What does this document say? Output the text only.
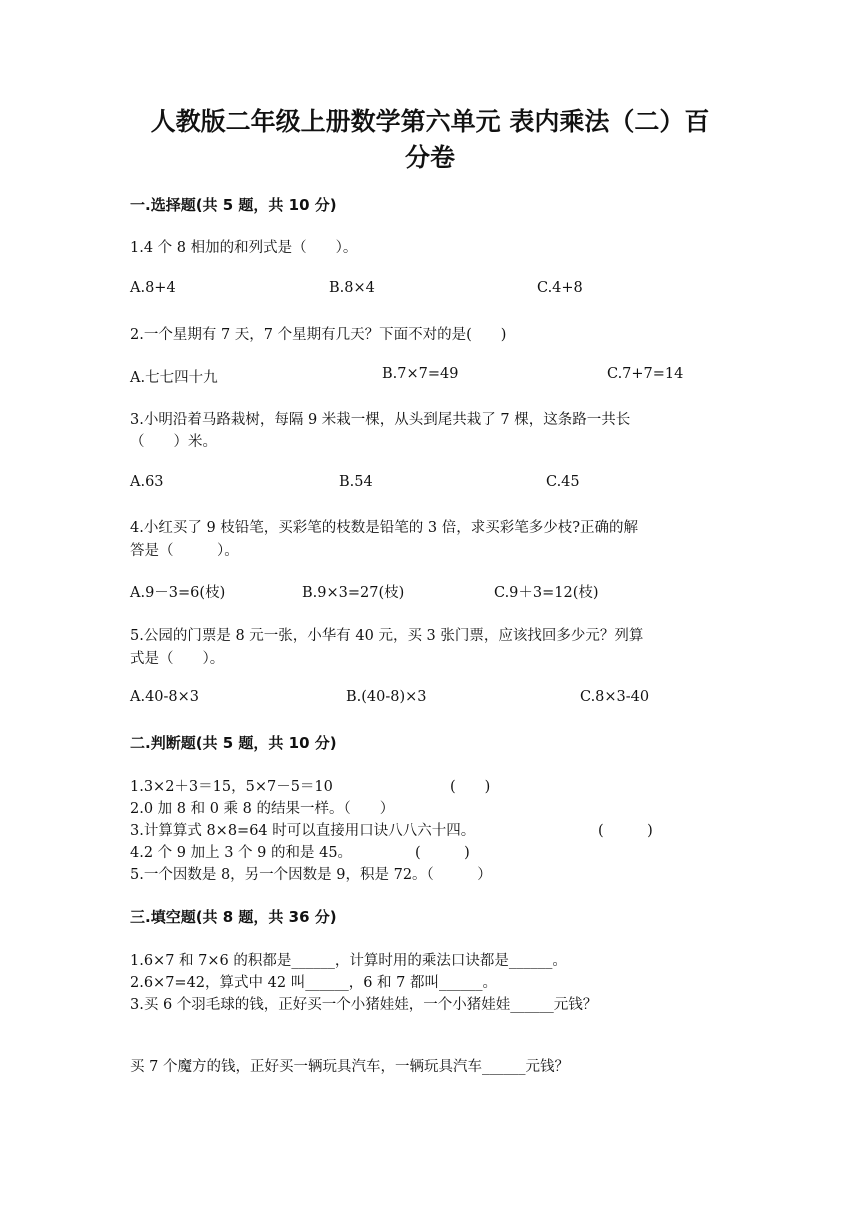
人教版二年级上册数学第六单元 表内乘法（二）百
分卷
一.选择题(共 5 题，共 10 分)
1.4 个 8 相加的和列式是（　　）。
A.8+4	B.8×4	C.4+8
2.一个星期有 7 天，7 个星期有几天？下面不对的是(　　)
A.七七四十九	B.7×7=49	C.7+7=14
3.小明沿着马路栽树，每隔 9 米栽一棵，从头到尾共栽了 7 棵，这条路一共长
（　　）米。
A.63	B.54	C.45
4.小红买了 9 枝铅笔，买彩笔的枝数是铅笔的 3 倍，求买彩笔多少枝?正确的解
答是（　　　）。
A.9－3=6(枝)	B.9×3=27(枝)	C.9＋3=12(枝)
5.公园的门票是 8 元一张，小华有 40 元，买 3 张门票，应该找回多少元？列算
式是（　　）。
A.40-8×3	B.(40-8)×3	C.8×3-40
二.判断题(共 5 题，共 10 分)
1.3×2＋3＝15，5×7－5＝10	(　　)
2.0 加 8 和 0 乘 8 的结果一样。（　　）
3.计算算式 8×8=64 时可以直接用口诀八八六十四。	(　　　)
4.2 个 9 加上 3 个 9 的和是 45。	(　　　)
5.一个因数是 8，另一个因数是 9，积是 72。（　　　）
三.填空题(共 8 题，共 36 分)
1.6×7 和 7×6 的积都是______，计算时用的乘法口诀都是______。
2.6×7=42，算式中 42 叫______，6 和 7 都叫______。
3.买 6 个羽毛球的钱，正好买一个小猪娃娃，一个小猪娃娃______元钱？
买 7 个魔方的钱，正好买一辆玩具汽车，一辆玩具汽车______元钱？
